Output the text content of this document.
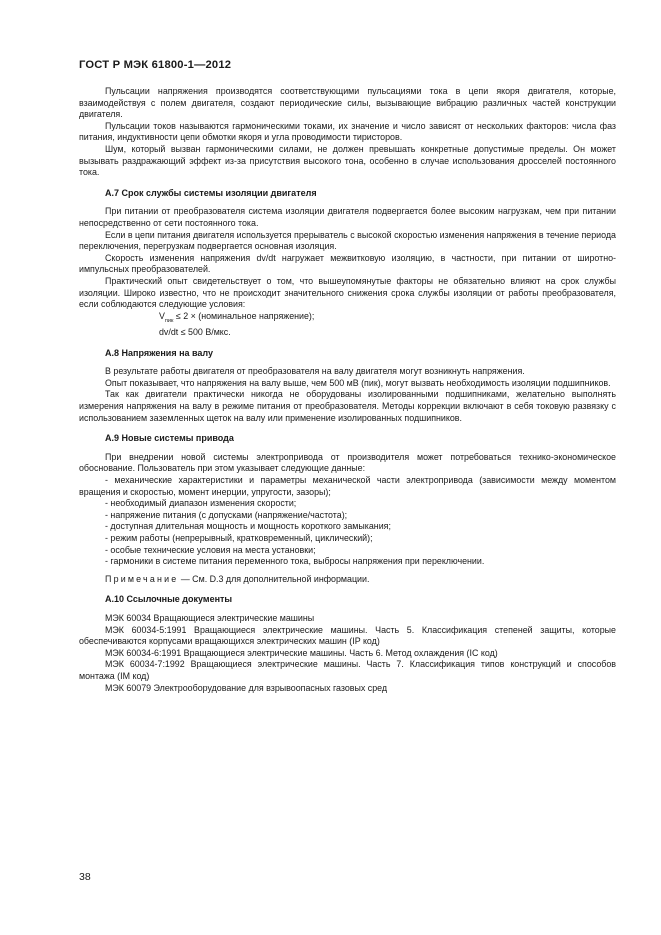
ГОСТ Р МЭК 61800-1—2012

Пульсации напряжения производятся соответствующими пульсациями тока в цепи якоря двигателя, которые, взаимодействуя с полем двигателя, создают периодические силы, вызывающие вибрацию различных частей конструкции двигателя.

Пульсации токов называются гармоническими токами, их значение и число зависят от нескольких факторов: числа фаз питания, индуктивности цепи обмотки якоря и угла проводимости тиристоров.

Шум, который вызван гармоническими силами, не должен превышать конкретные допустимые пределы. Он может вызывать раздражающий эффект из-за присутствия высокого тона, особенно в случае использования дросселей постоянного тока.

А.7 Срок службы системы изоляции двигателя

При питании от преобразователя система изоляции двигателя подвергается более высоким нагрузкам, чем при питании непосредственно от сети постоянного тока.

Если в цепи питания двигателя используется прерыватель с высокой скоростью изменения напряжения в течение периода переключения, перегрузкам подвергается основная изоляция.

Скорость изменения напряжения dv/dt нагружает межвитковую изоляцию, в частности, при питании от широтно-импульсных преобразователей.

Практический опыт свидетельствует о том, что вышеупомянутые факторы не обязательно влияют на срок службы изоляции. Широко известно, что не происходит значительного снижения срока службы изоляции от работы преобразователя, если соблюдаются следующие условия:

$V_{пик} \le 2$ × (номинальное напряжение);

dv/dt ≤ 500 В/мкс.

А.8 Напряжения на валу

В результате работы двигателя от преобразователя на валу двигателя могут возникнуть напряжения.

Опыт показывает, что напряжения на валу выше, чем 500 мВ (пик), могут вызвать необходимость изоляции подшипников.

Так как двигатели практически никогда не оборудованы изолированными подшипниками, желательно выполнять измерения напряжения на валу в режиме питания от преобразователя. Методы коррекции включают в себя токовую развязку с использованием заземленных щеток на валу или применение изолированных подшипников.

А.9 Новые системы привода

При внедрении новой системы электропривода от производителя может потребоваться технико-экономическое обоснование. Пользователь при этом указывает следующие данные:

- механические характеристики и параметры механической части электропривода (зависимости между моментом вращения и скоростью, момент инерции, упругости, зазоры);

- необходимый диапазон изменения скорости;

- напряжение питания (с допусками (напряжение/частота);

- доступная длительная мощность и мощность короткого замыкания;

- режим работы (непрерывный, кратковременный, циклический);

- особые технические условия на места установки;

- гармоники в системе питания переменного тока, выбросы напряжения при переключении.

Примечание — См. D.3 для дополнительной информации.

А.10 Ссылочные документы

МЭК 60034 Вращающиеся электрические машины

МЭК 60034-5:1991 Вращающиеся электрические машины. Часть 5. Классификация степеней защиты, которые обеспечиваются корпусами вращающихся электрических машин (IP код)

МЭК 60034-6:1991 Вращающиеся электрические машины. Часть 6. Метод охлаждения (IC код)

МЭК 60034-7:1992 Вращающиеся электрические машины. Часть 7. Классификация типов конструкций и способов монтажа (IM код)

МЭК 60079 Электрооборудование для взрывоопасных газовых сред

38
